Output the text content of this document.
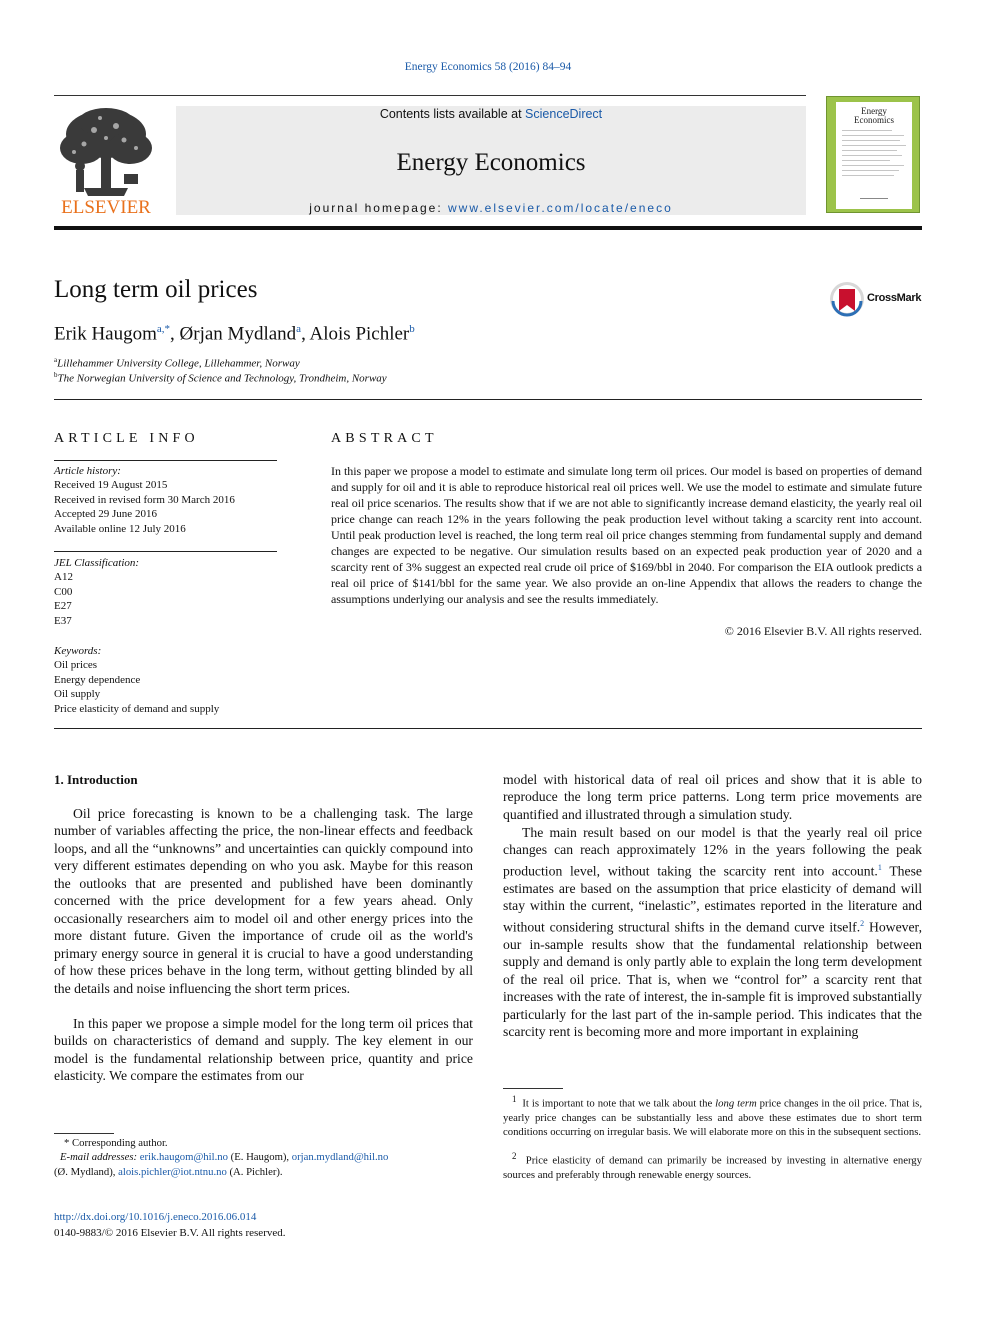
Energy Economics 58 (2016) 84–94
ELSEVIER
Contents lists available at ScienceDirect
Energy Economics
journal homepage: www.elsevier.com/locate/eneco
Energy
Economics
Long term oil prices	CrossMark
Erik Haugom$^{a,*}$, Ørjan Mydland$^a$, Alois Pichler$^b$
$^a$Lillehammer University College, Lillehammer, Norway
$^b$The Norwegian University of Science and Technology, Trondheim, Norway
ARTICLE INFO
Article history:
Received 19 August 2015
Received in revised form 30 March 2016
Accepted 29 June 2016
Available online 12 July 2016
JEL Classification:
A12
C00
E27
E37
Keywords:
Oil prices
Energy dependence
Oil supply
Price elasticity of demand and supply
ABSTRACT
In this paper we propose a model to estimate and simulate long term oil prices. Our model is based on properties of demand and supply for oil and it is able to reproduce historical real oil prices well. We use the model to estimate and simulate future real oil price scenarios. The results show that if we are not able to significantly increase demand elasticity, the yearly real oil price change can reach 12% in the years following the peak production level without taking a scarcity rent into account. Until peak production level is reached, the long term real oil price changes stemming from fundamental supply and demand changes are expected to be negative. Our simulation results based on an expected peak production year of 2020 and a scarcity rent of 3% suggest an expected real crude oil price of $169/bbl in 2040. For comparison the EIA outlook predicts a real oil price of $141/bbl for the same year. We also provide an on-line Appendix that allows the readers to change the assumptions underlying our analysis and see the results immediately.
© 2016 Elsevier B.V. All rights reserved.
1. Introduction
Oil price forecasting is known to be a challenging task. The large number of variables affecting the price, the non-linear effects and feedback loops, and all the “unknowns” and uncertainties can quickly compound into very different estimates depending on who you ask. Maybe for this reason the outlooks that are presented and published have been dominantly concerned with the price development for a few years ahead. Only occasionally researchers aim to model oil and other energy prices into the more distant future. Given the importance of crude oil as the world's primary energy source in general it is crucial to have a good understanding of how these prices behave in the long term, without getting blinded by all the details and noise influencing the short term prices.
In this paper we propose a simple model for the long term oil prices that builds on characteristics of demand and supply. The key element in our model is the fundamental relationship between price, quantity and price elasticity. We compare the estimates from our
model with historical data of real oil prices and show that it is able to reproduce the long term price patterns. Long term price movements are quantified and illustrated through a simulation study.
The main result based on our model is that the yearly real oil price changes can reach approximately 12% in the years following the peak production level, without taking the scarcity rent into account.$^1$ These estimates are based on the assumption that price elasticity of demand will stay within the current, “inelastic”, estimates reported in the literature and without considering structural shifts in the demand curve itself.$^2$ However, our in-sample results show that the fundamental relationship between supply and demand is only partly able to explain the long term development of the real oil price. That is, when we “control for” a scarcity rent that increases with the rate of interest, the in-sample fit is improved substantially particularly for the last part of the in-sample period. This indicates that the scarcity rent is becoming more and more important in explaining
$^1$ It is important to note that we talk about the long term price changes in the oil price. That is, yearly price changes can be substantially less and above these estimates due to short term conditions occurring on irregular basis. We will elaborate more on this in the subsequent sections.
$^2$ Price elasticity of demand can primarily be increased by investing in alternative energy sources and preferably through renewable energy sources.
* Corresponding author.
E-mail addresses: erik.haugom@hil.no (E. Haugom), orjan.mydland@hil.no
(Ø. Mydland), alois.pichler@iot.ntnu.no (A. Pichler).
http://dx.doi.org/10.1016/j.eneco.2016.06.014
0140-9883/© 2016 Elsevier B.V. All rights reserved.
